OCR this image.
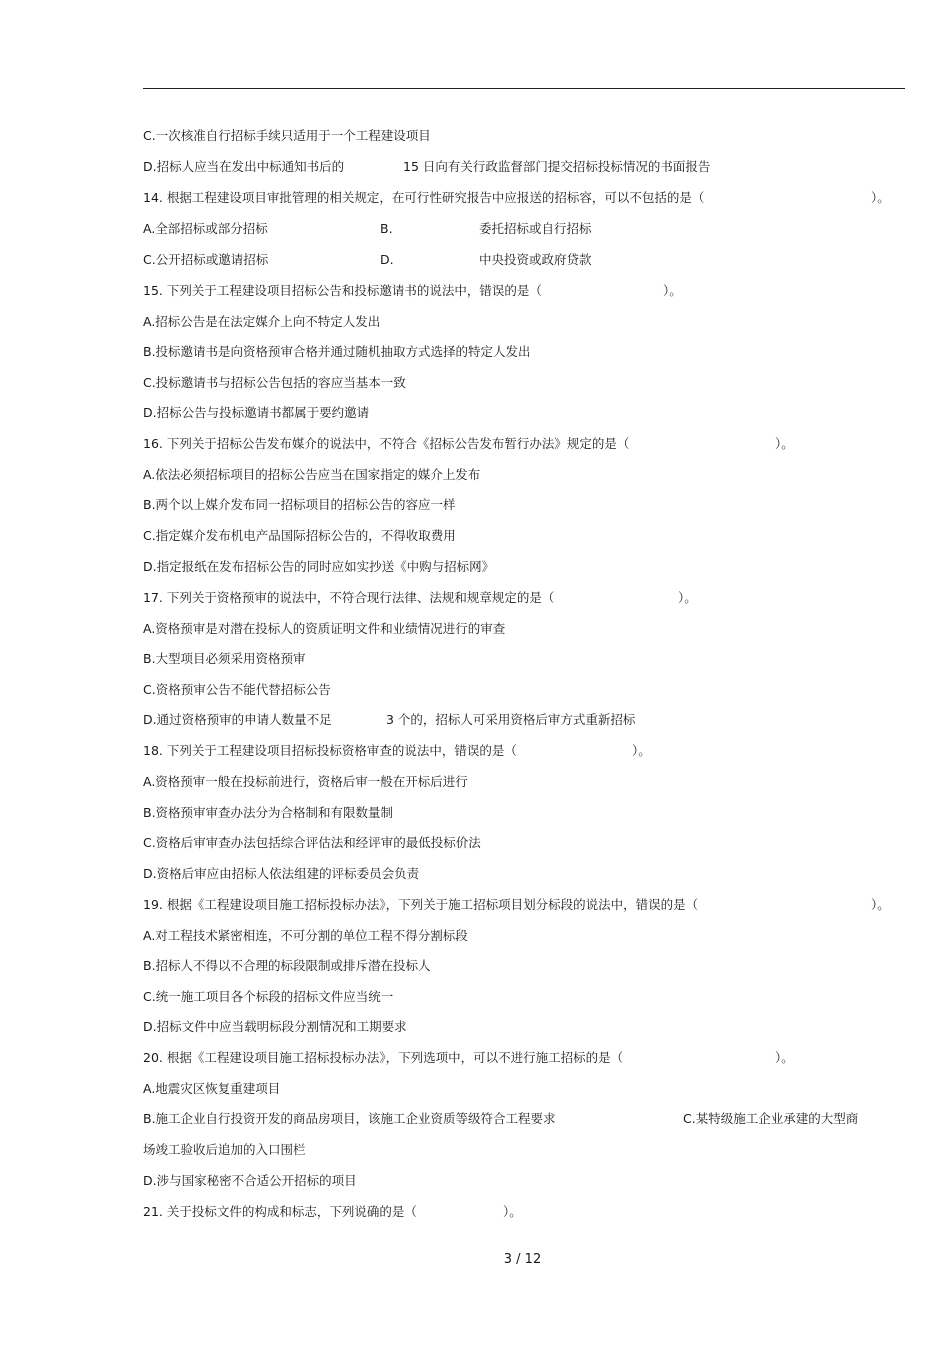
C.一次核准自行招标手续只适用于一个工程建设项目
D.招标人应当在发出中标通知书后的	15 日向有关行政监督部门提交招标投标情况的书面报告
14. 根据工程建设项目审批管理的相关规定，在可行性研究报告中应报送的招标容，可以不包括的是（	）。
A.全部招标或部分招标	B.	委托招标或自行招标
C.公开招标或邀请招标	D.	中央投资或政府贷款
15. 下列关于工程建设项目招标公告和投标邀请书的说法中，错误的是（	）。
A.招标公告是在法定媒介上向不特定人发出
B.投标邀请书是向资格预审合格并通过随机抽取方式选择的特定人发出
C.投标邀请书与招标公告包括的容应当基本一致
D.招标公告与投标邀请书都属于要约邀请
16. 下列关于招标公告发布媒介的说法中，不符合《招标公告发布暂行办法》规定的是（	）。
A.依法必须招标项目的招标公告应当在国家指定的媒介上发布
B.两个以上媒介发布同一招标项目的招标公告的容应一样
C.指定媒介发布机电产品国际招标公告的，不得收取费用
D.指定报纸在发布招标公告的同时应如实抄送《中购与招标网》
17. 下列关于资格预审的说法中，不符合现行法律、法规和规章规定的是（	）。
A.资格预审是对潜在投标人的资质证明文件和业绩情况进行的审查
B.大型项目必须采用资格预审
C.资格预审公告不能代替招标公告
D.通过资格预审的申请人数量不足	3 个的，招标人可采用资格后审方式重新招标
18. 下列关于工程建设项目招标投标资格审查的说法中，错误的是（	）。
A.资格预审一般在投标前进行，资格后审一般在开标后进行
B.资格预审审查办法分为合格制和有限数量制
C.资格后审审查办法包括综合评估法和经评审的最低投标价法
D.资格后审应由招标人依法组建的评标委员会负责
19. 根据《工程建设项目施工招标投标办法》，下列关于施工招标项目划分标段的说法中，错误的是（	）。
A.对工程技术紧密相连，不可分割的单位工程不得分割标段
B.招标人不得以不合理的标段限制或排斥潜在投标人
C.统一施工项目各个标段的招标文件应当统一
D.招标文件中应当载明标段分割情况和工期要求
20. 根据《工程建设项目施工招标投标办法》，下列选项中，可以不进行施工招标的是（	）。
A.地震灾区恢复重建项目
B.施工企业自行投资开发的商品房项目，该施工企业资质等级符合工程要求	C.某特级施工企业承建的大型商
场竣工验收后追加的入口围栏
D.涉与国家秘密不合适公开招标的项目
21. 关于投标文件的构成和标志，下列说确的是（	）。
3 / 12
